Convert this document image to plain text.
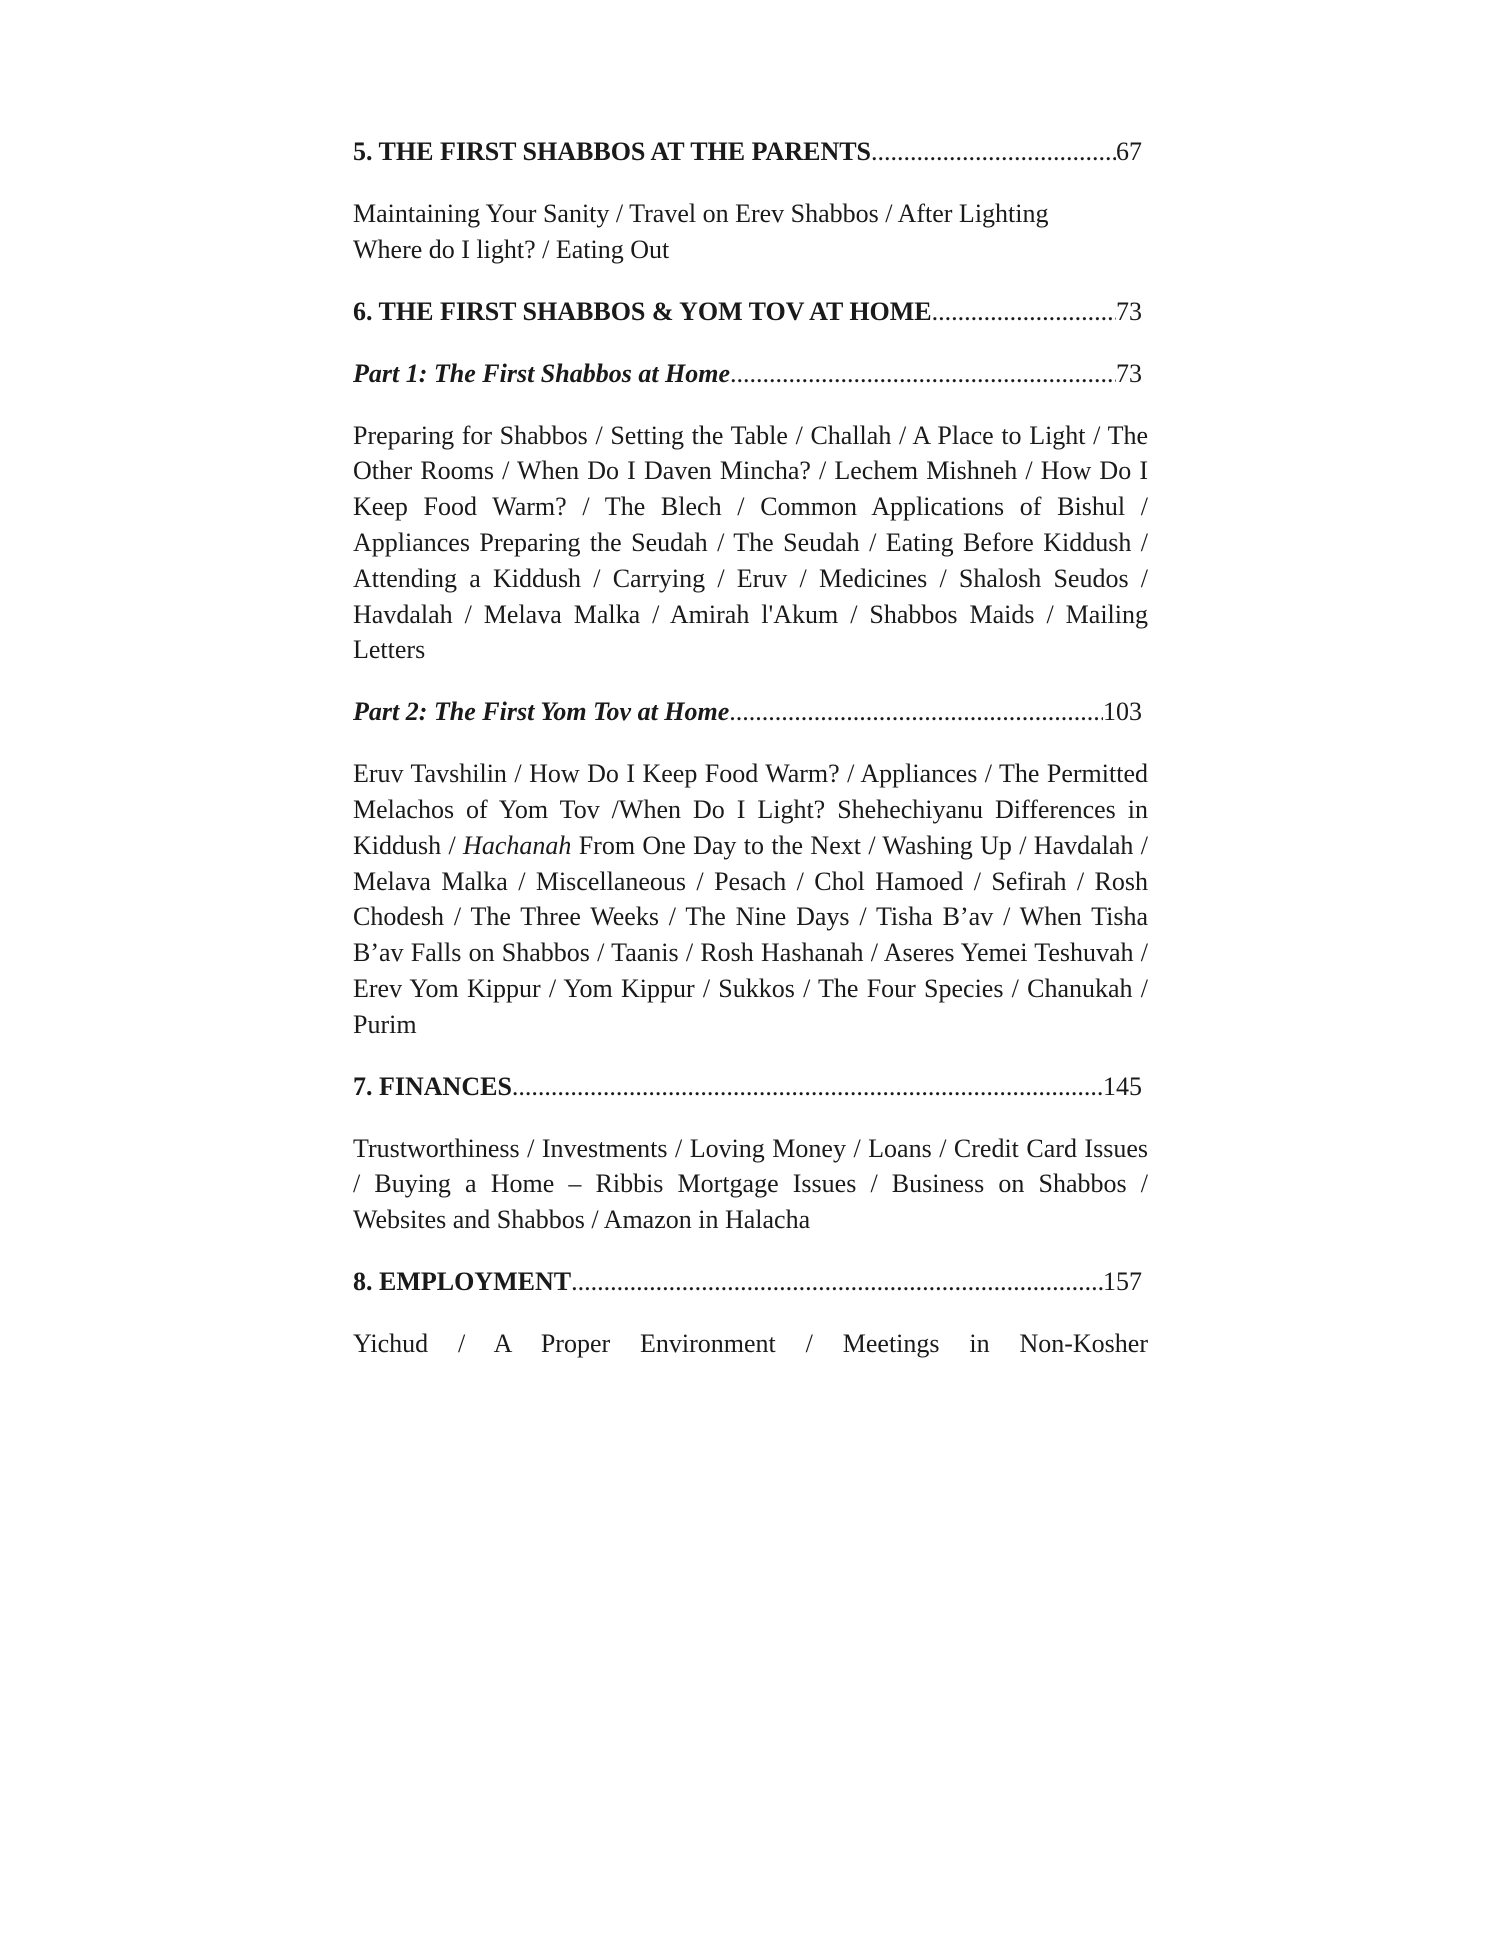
5. THE FIRST SHABBOS AT THE PARENTS .....	67
Maintaining Your Sanity / Travel on Erev Shabbos / After Lighting
Where do I light? / Eating Out
6. THE FIRST SHABBOS & YOM TOV AT HOME .....	73
Part 1: The First Shabbos at Home .....	73
Preparing for Shabbos / Setting the Table / Challah / A Place to Light / The Other Rooms / When Do I Daven Mincha? / Lechem Mishneh / How Do I Keep Food Warm? / The Blech / Common Applications of Bishul / Appliances Preparing the Seudah / The Seudah / Eating Before Kiddush / Attending a Kiddush / Carrying / Eruv / Medicines / Shalosh Seudos / Havdalah / Melava Malka / Amirah l'Akum / Shabbos Maids / Mailing Letters
Part 2: The First Yom Tov at Home .....	103
Eruv Tavshilin / How Do I Keep Food Warm? / Appliances / The Permitted Melachos of Yom Tov /When Do I Light? Shehechiyanu Differences in Kiddush / Hachanah From One Day to the Next / Washing Up / Havdalah / Melava Malka / Miscellaneous / Pesach / Chol Hamoed / Sefirah / Rosh Chodesh / The Three Weeks / The Nine Days / Tisha B’av / When Tisha B’av Falls on Shabbos / Taanis / Rosh Hashanah / Aseres Yemei Teshuvah / Erev Yom Kippur / Yom Kippur / Sukkos / The Four Species / Chanukah / Purim
7. FINANCES .....	145
Trustworthiness / Investments / Loving Money / Loans / Credit Card Issues / Buying a Home – Ribbis Mortgage Issues / Business on Shabbos / Websites and Shabbos / Amazon in Halacha
8. EMPLOYMENT .....	157
Yichud / A Proper Environment / Meetings in Non-Kosher
